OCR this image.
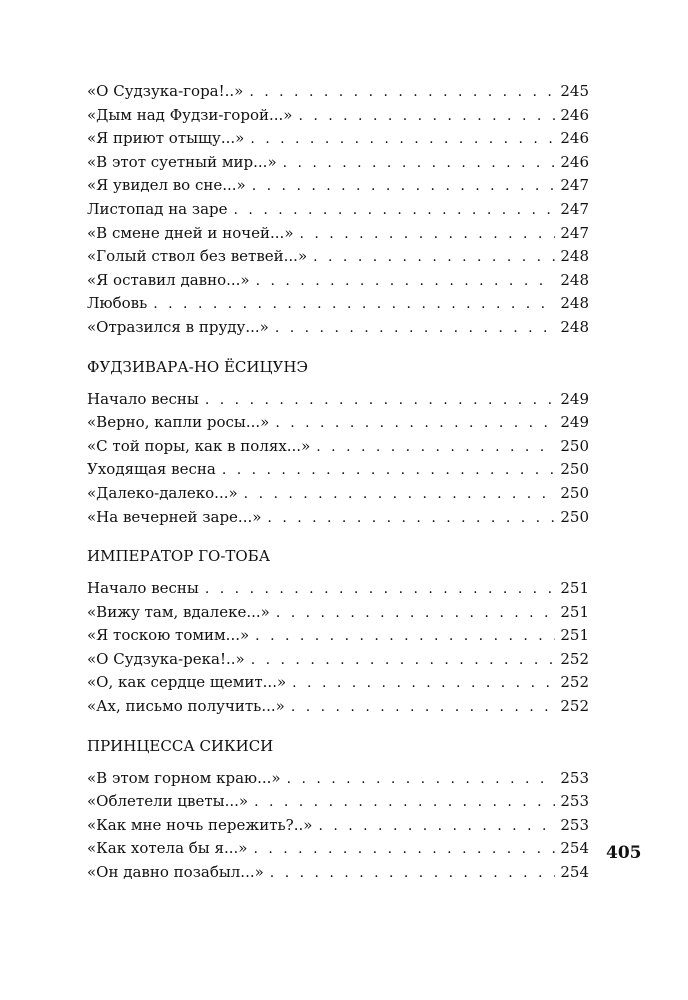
«О Судзука-гора!..» . . .	245
«Дым над Фудзи-горой...» . . .	246
«Я приют отыщу...» . . .	246
«В этот суетный мир...» . . .	246
«Я увидел во сне...» . . .	247
Листопад на заре . . .	247
«В смене дней и ночей...» . . .	247
«Голый ствол без ветвей...» . . .	248
«Я оставил давно...» . . .	248
Любовь . . .	248
«Отразился в пруду...» . . .	248
ФУДЗИВАРА-НО ЁСИЦУНЭ
Начало весны . . .	249
«Верно, капли росы...» . . .	249
«С той поры, как в полях...» . . .	250
Уходящая весна . . .	250
«Далеко-далеко...» . . .	250
«На вечерней заре...» . . .	250
ИМПЕРАТОР ГО-ТОБА
Начало весны . . .	251
«Вижу там, вдалеке...» . . .	251
«Я тоскою томим...» . . .	251
«О Судзука-река!..» . . .	252
«О, как сердце щемит...» . . .	252
«Ах, письмо получить...» . . .	252
ПРИНЦЕССА СИКИСИ
«В этом горном краю...» . . .	253
«Облетели цветы...» . . .	253
«Как мне ночь пережить?..» . . .	253
«Как хотела бы я...» . . .	254
«Он давно позабыл...» . . .	254
405
